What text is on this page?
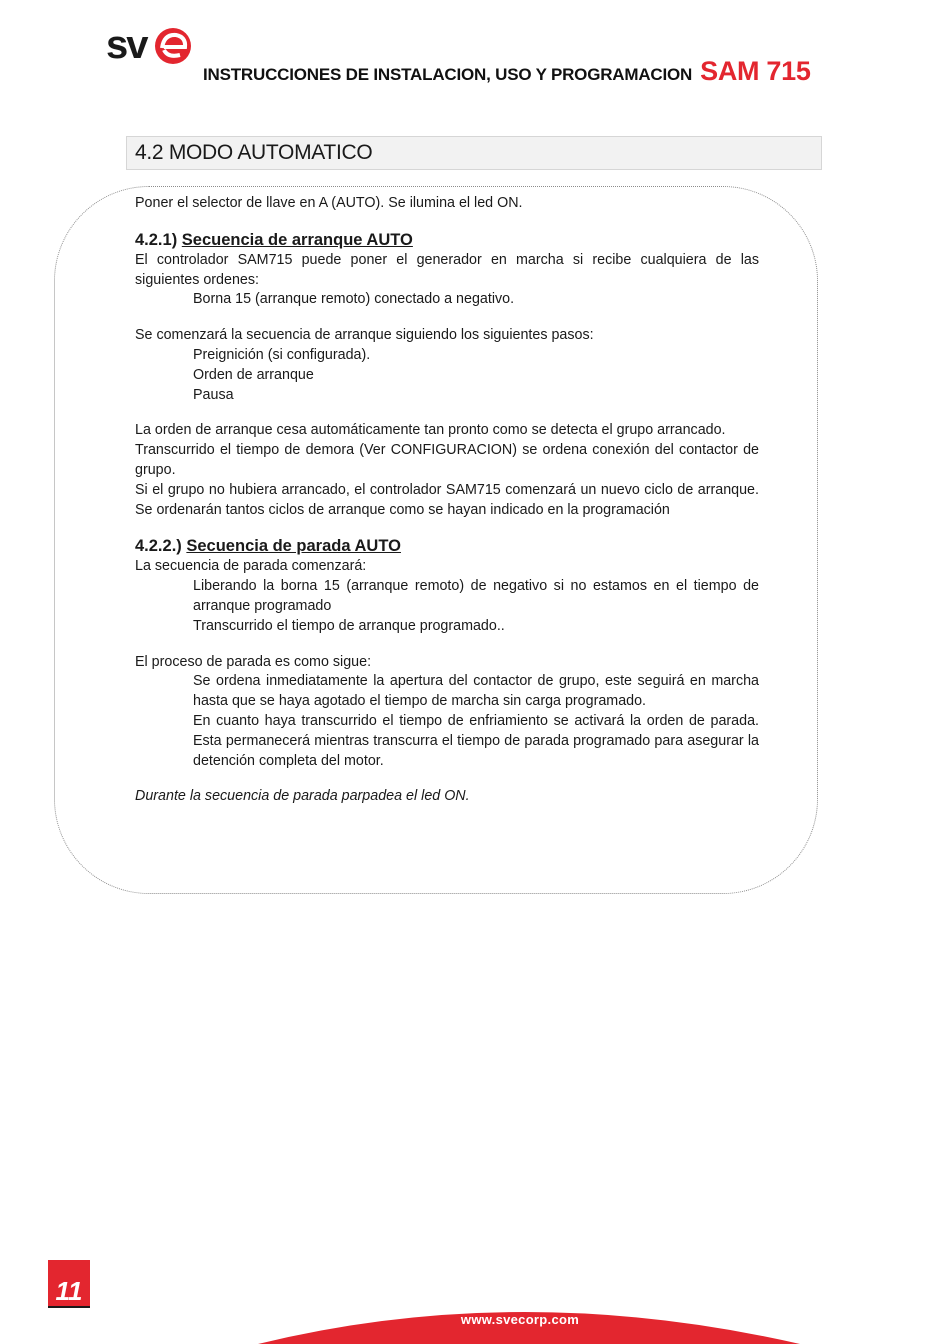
sv
INSTRUCCIONES DE INSTALACION, USO Y PROGRAMACION SAM 715
4.2 MODO AUTOMATICO

Poner el selector de llave en A (AUTO). Se ilumina el led ON.

4.2.1) Secuencia de arranque AUTO

El controlador SAM715 puede poner el generador en marcha si recibe cualquiera de las siguientes ordenes:

Borna 15 (arranque remoto) conectado a negativo.

Se comenzará la secuencia de arranque siguiendo los siguientes pasos:

Preignición (si configurada).

Orden de arranque

Pausa

La orden de arranque cesa automáticamente tan pronto como se detecta el grupo arrancado.

Transcurrido el tiempo de demora (Ver CONFIGURACION) se ordena conexión del contactor de grupo.

Si el grupo no hubiera arrancado, el controlador SAM715 comenzará un nuevo ciclo de arranque. Se ordenarán tantos ciclos de arranque como se hayan indicado en la programación

4.2.2.) Secuencia de parada AUTO

La secuencia de parada comenzará:

Liberando la borna 15 (arranque remoto) de negativo si no estamos en el tiempo de arranque programado

Transcurrido el tiempo de arranque programado..

El proceso de parada es como sigue:

Se ordena inmediatamente la apertura del contactor de grupo, este seguirá en marcha hasta que se haya agotado el tiempo de marcha sin carga programado.

En cuanto haya transcurrido el tiempo de enfriamiento se activará la orden de parada. Esta permanecerá mientras transcurra el tiempo de parada programado para asegurar la detención completa del motor.

Durante la secuencia de parada parpadea el led ON.

11
www.svecorp.com
